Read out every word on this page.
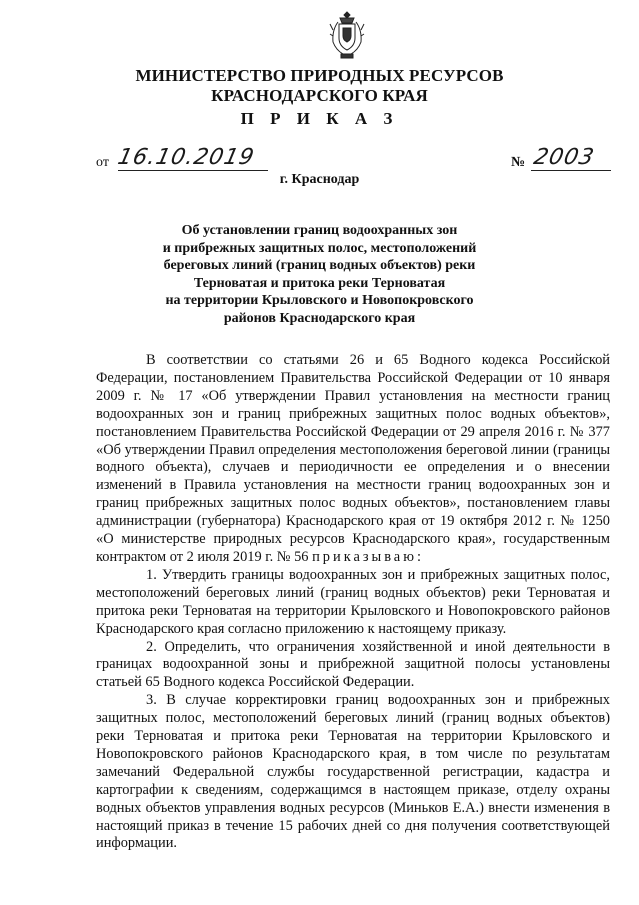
МИНИСТЕРСТВО ПРИРОДНЫХ РЕСУРСОВ
КРАСНОДАРСКОГО КРАЯ
П Р И К А З
от 16.10.2019	№ 2003
г. Краснодар
Об установлении границ водоохранных зон
и прибрежных защитных полос, местоположений
береговых линий (границ водных объектов) реки
Терноватая и притока реки Терноватая
на территории Крыловского и Новопокровского
районов Краснодарского края

В соответствии со статьями 26 и 65 Водного кодекса Российской Федерации, постановлением Правительства Российской Федерации от 10 января 2009 г. № 17 «Об утверждении Правил установления на местности границ водоохранных зон и границ прибрежных защитных полос водных объектов», постановлением Правительства Российской Федерации от 29 апреля 2016 г. № 377 «Об утверждении Правил определения местоположения береговой линии (границы водного объекта), случаев и периодичности ее определения и о внесении изменений в Правила установления на местности границ водоохранных зон и границ прибрежных защитных полос водных объектов», постановлением главы администрации (губернатора) Краснодарского края от 19 октября 2012 г. № 1250 «О министерстве природных ресурсов Краснодарского края», государственным контрактом от 2 июля 2019 г. № 56 приказываю:

1. Утвердить границы водоохранных зон и прибрежных защитных полос, местоположений береговых линий (границ водных объектов) реки Терноватая и притока реки Терноватая на территории Крыловского и Новопокровского районов Краснодарского края согласно приложению к настоящему приказу.

2. Определить, что ограничения хозяйственной и иной деятельности в границах водоохранной зоны и прибрежной защитной полосы установлены статьей 65 Водного кодекса Российской Федерации.

3. В случае корректировки границ водоохранных зон и прибрежных защитных полос, местоположений береговых линий (границ водных объектов) реки Терноватая и притока реки Терноватая на территории Крыловского и Новопокровского районов Краснодарского края, в том числе по результатам замечаний Федеральной службы государственной регистрации, кадастра и картографии к сведениям, содержащимся в настоящем приказе, отделу охраны водных объектов управления водных ресурсов (Миньков Е.А.) внести изменения в настоящий приказ в течение 15 рабочих дней со дня получения соответствующей информации.
